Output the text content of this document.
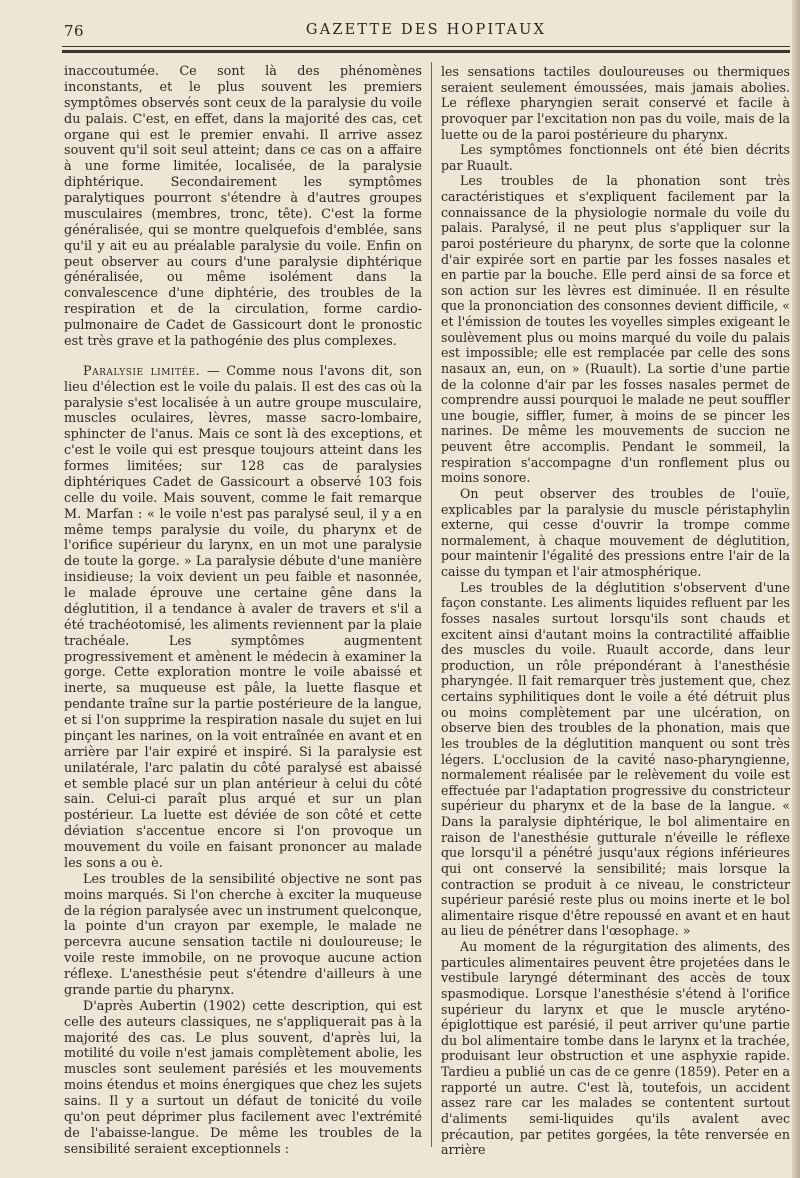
76	GAZETTE DES HOPITAUX

inaccoutumée. Ce sont là des phénomènes inconstants, et le plus souvent les premiers symptômes observés sont ceux de la paralysie du voile du palais. C'est, en effet, dans la majorité des cas, cet organe qui est le premier envahi. Il arrive assez souvent qu'il soit seul atteint; dans ce cas on a affaire à une forme limitée, localisée, de la paralysie diphtérique. Secondairement les symptômes paralytiques pourront s'étendre à d'autres groupes musculaires (membres, tronc, tête). C'est la forme généralisée, qui se montre quelquefois d'emblée, sans qu'il y ait eu au préalable paralysie du voile. Enfin on peut observer au cours d'une paralysie diphtérique généralisée, ou même isolément dans la convalescence d'une diphtérie, des troubles de la respiration et de la circulation, forme cardio-pulmonaire de Cadet de Gassicourt dont le pronostic est très grave et la pathogénie des plus complexes.

Paralysie limitée. — Comme nous l'avons dit, son lieu d'élection est le voile du palais. Il est des cas où la paralysie s'est localisée à un autre groupe musculaire, muscles oculaires, lèvres, masse sacro-lombaire, sphincter de l'anus. Mais ce sont là des exceptions, et c'est le voile qui est presque toujours atteint dans les formes limitées; sur 128 cas de paralysies diphtériques Cadet de Gassicourt a observé 103 fois celle du voile. Mais souvent, comme le fait remarque M. Marfan : « le voile n'est pas paralysé seul, il y a en même temps paralysie du voile, du pharynx et de l'orifice supérieur du larynx, en un mot une paralysie de toute la gorge. » La paralysie débute d'une manière insidieuse; la voix devient un peu faible et nasonnée, le malade éprouve une certaine gêne dans la déglutition, il a tendance à avaler de travers et s'il a été trachéotomisé, les aliments reviennent par la plaie trachéale. Les symptômes augmentent progressivement et amènent le médecin à examiner la gorge. Cette exploration montre le voile abaissé et inerte, sa muqueuse est pâle, la luette flasque et pendante traîne sur la partie postérieure de la langue, et si l'on supprime la respiration nasale du sujet en lui pinçant les narines, on la voit entraînée en avant et en arrière par l'air expiré et inspiré. Si la paralysie est unilatérale, l'arc palatin du côté paralysé est abaissé et semble placé sur un plan antérieur à celui du côté sain. Celui-ci paraît plus arqué et sur un plan postérieur. La luette est déviée de son côté et cette déviation s'accentue encore si l'on provoque un mouvement du voile en faisant prononcer au malade les sons a ou è.

Les troubles de la sensibilité objective ne sont pas moins marqués. Si l'on cherche à exciter la muqueuse de la région paralysée avec un instrument quelconque, la pointe d'un crayon par exemple, le malade ne percevra aucune sensation tactile ni douloureuse; le voile reste immobile, on ne provoque aucune action réflexe. L'anesthésie peut s'étendre d'ailleurs à une grande partie du pharynx.

D'après Aubertin (1902) cette description, qui est celle des auteurs classiques, ne s'appliquerait pas à la majorité des cas. Le plus souvent, d'après lui, la motilité du voile n'est jamais complètement abolie, les muscles sont seulement parésiés et les mouvements moins étendus et moins énergiques que chez les sujets sains. Il y a surtout un défaut de tonicité du voile qu'on peut déprimer plus facilement avec l'extrémité de l'abaisse-langue. De même les troubles de la sensibilité seraient exceptionnels :

les sensations tactiles douloureuses ou thermiques seraient seulement émoussées, mais jamais abolies. Le réflexe pharyngien serait conservé et facile à provoquer par l'excitation non pas du voile, mais de la luette ou de la paroi postérieure du pharynx.

Les symptômes fonctionnels ont été bien décrits par Ruault.

Les troubles de la phonation sont très caractéristiques et s'expliquent facilement par la connaissance de la physiologie normale du voile du palais. Paralysé, il ne peut plus s'appliquer sur la paroi postérieure du pharynx, de sorte que la colonne d'air expirée sort en partie par les fosses nasales et en partie par la bouche. Elle perd ainsi de sa force et son action sur les lèvres est diminuée. Il en résulte que la prononciation des consonnes devient difficile, « et l'émission de toutes les voyelles simples exigeant le soulèvement plus ou moins marqué du voile du palais est impossible; elle est remplacée par celle des sons nasaux an, eun, on » (Ruault). La sortie d'une partie de la colonne d'air par les fosses nasales permet de comprendre aussi pourquoi le malade ne peut souffler une bougie, siffler, fumer, à moins de se pincer les narines. De même les mouvements de succion ne peuvent être accomplis. Pendant le sommeil, la respiration s'accompagne d'un ronflement plus ou moins sonore.

On peut observer des troubles de l'ouïe, explicables par la paralysie du muscle péristaphylin externe, qui cesse d'ouvrir la trompe comme normalement, à chaque mouvement de déglutition, pour maintenir l'égalité des pressions entre l'air de la caisse du tympan et l'air atmosphérique.

Les troubles de la déglutition s'observent d'une façon constante. Les aliments liquides refluent par les fosses nasales surtout lorsqu'ils sont chauds et excitent ainsi d'autant moins la contractilité affaiblie des muscles du voile. Ruault accorde, dans leur production, un rôle prépondérant à l'anesthésie pharyngée. Il fait remarquer très justement que, chez certains syphilitiques dont le voile a été détruit plus ou moins complètement par une ulcération, on observe bien des troubles de la phonation, mais que les troubles de la déglutition manquent ou sont très légers. L'occlusion de la cavité naso-pharyngienne, normalement réalisée par le relèvement du voile est effectuée par l'adaptation progressive du constricteur supérieur du pharynx et de la base de la langue. « Dans la paralysie diphtérique, le bol alimentaire en raison de l'anesthésie gutturale n'éveille le réflexe que lorsqu'il a pénétré jusqu'aux régions inférieures qui ont conservé la sensibilité; mais lorsque la contraction se produit à ce niveau, le constricteur supérieur parésié reste plus ou moins inerte et le bol alimentaire risque d'être repoussé en avant et en haut au lieu de pénétrer dans l'œsophage. »

Au moment de la régurgitation des aliments, des particules alimentaires peuvent être projetées dans le vestibule laryngé déterminant des accès de toux spasmodique. Lorsque l'anesthésie s'étend à l'orifice supérieur du larynx et que le muscle aryténo-épiglottique est parésié, il peut arriver qu'une partie du bol alimentaire tombe dans le larynx et la trachée, produisant leur obstruction et une asphyxie rapide. Tardieu a publié un cas de ce genre (1859). Peter en a rapporté un autre. C'est là, toutefois, un accident assez rare car les malades se contentent surtout d'aliments semi-liquides qu'ils avalent avec précaution, par petites gorgées, la tête renversée en arrière
